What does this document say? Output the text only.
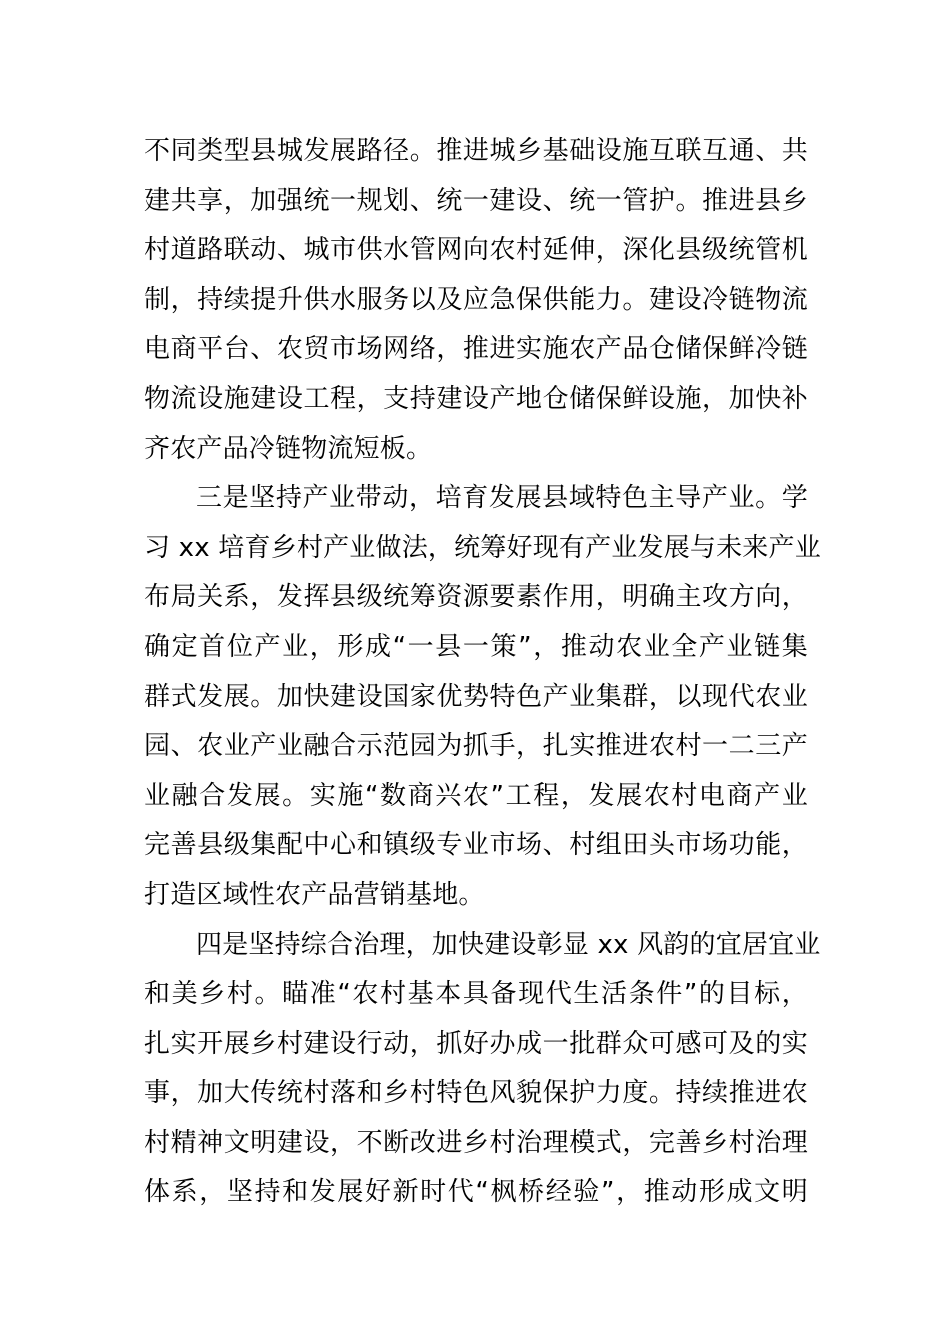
不同类型县城发展路径。推进城乡基础设施互联互通、共
建共享，加强统一规划、统一建设、统一管护。推进县乡
村道路联动、城市供水管网向农村延伸，深化县级统管机
制，持续提升供水服务以及应急保供能力。建设冷链物流
电商平台、农贸市场网络，推进实施农产品仓储保鲜冷链
物流设施建设工程，支持建设产地仓储保鲜设施，加快补
齐农产品冷链物流短板。
三是坚持产业带动，培育发展县域特色主导产业。学
习 xx 培育乡村产业做法，统筹好现有产业发展与未来产业
布局关系，发挥县级统筹资源要素作用，明确主攻方向，
确定首位产业，形成“一县一策”，推动农业全产业链集
群式发展。加快建设国家优势特色产业集群，以现代农业
园、农业产业融合示范园为抓手，扎实推进农村一二三产
业融合发展。实施“数商兴农”工程，发展农村电商产业
完善县级集配中心和镇级专业市场、村组田头市场功能，
打造区域性农产品营销基地。
四是坚持综合治理，加快建设彰显 xx 风韵的宜居宜业
和美乡村。瞄准“农村基本具备现代生活条件”的目标，
扎实开展乡村建设行动，抓好办成一批群众可感可及的实
事，加大传统村落和乡村特色风貌保护力度。持续推进农
村精神文明建设，不断改进乡村治理模式，完善乡村治理
体系，坚持和发展好新时代“枫桥经验”，推动形成文明
